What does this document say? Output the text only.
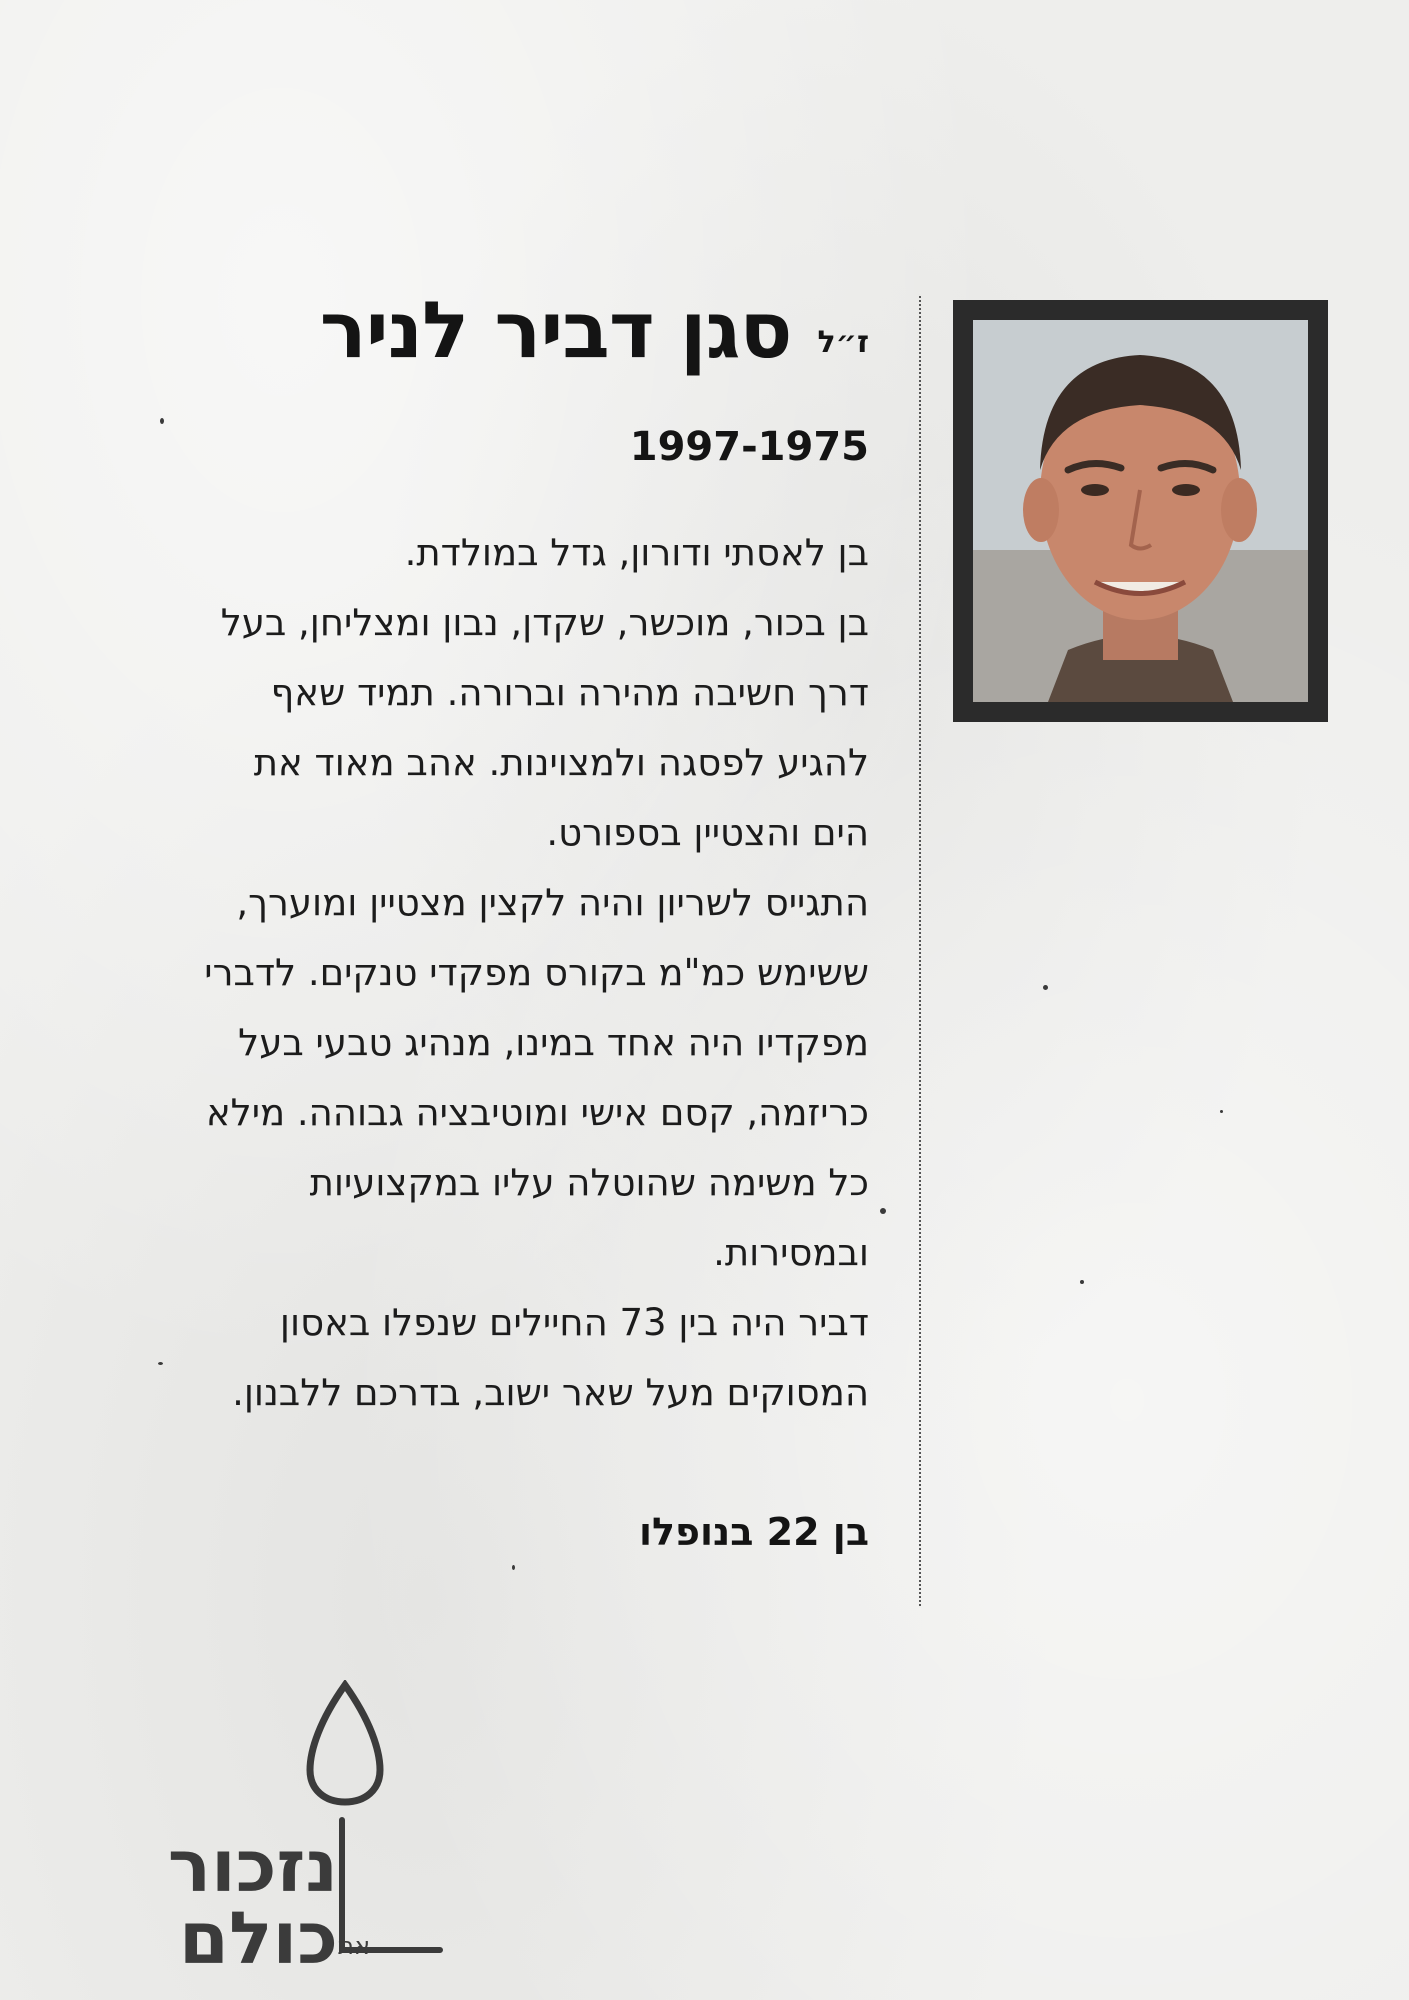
סגן דביר לניר ז״ל
1997-1975
בן לאסתי ודורון, גדל במולדת.
בן בכור, מוכשר, שקדן, נבון ומצליחן, בעל
דרך חשיבה מהירה וברורה. תמיד שאף
להגיע לפסגה ולמצוינות. אהב מאוד את
הים והצטיין בספורט.
התגייס לשריון והיה לקצין מצטיין ומוערך,
ששימש כמ"מ בקורס מפקדי טנקים. לדברי
מפקדיו היה אחד במינו, מנהיג טבעי בעל
כריזמה, קסם אישי ומוטיבציה גבוהה. מילא
כל משימה שהוטלה עליו במקצועיות
ובמסירות.
דביר היה בין 73 החיילים שנפלו באסון
המסוקים מעל שאר ישוב, בדרכם ללבנון.
בן 22 בנופלו
נזכור
את
כולם
